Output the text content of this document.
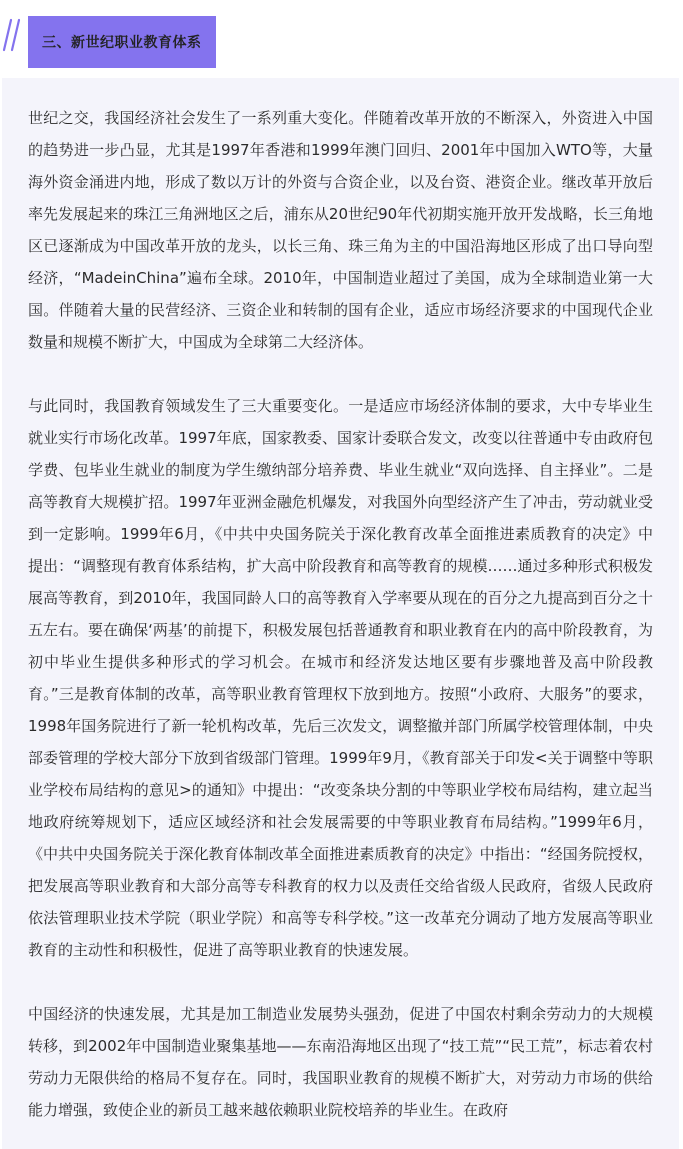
三、新世纪职业教育体系

世纪之交，我国经济社会发生了一系列重大变化。伴随着改革开放的不断深入，外资进入中国的趋势进一步凸显，尤其是1997年香港和1999年澳门回归、2001年中国加入WTO等，大量海外资金涌进内地，形成了数以万计的外资与合资企业，以及台资、港资企业。继改革开放后率先发展起来的珠江三角洲地区之后，浦东从20世纪90年代初期实施开放开发战略，长三角地区已逐渐成为中国改革开放的龙头，以长三角、珠三角为主的中国沿海地区形成了出口导向型经济，“MadeinChina”遍布全球。2010年，中国制造业超过了美国，成为全球制造业第一大国。伴随着大量的民营经济、三资企业和转制的国有企业，适应市场经济要求的中国现代企业数量和规模不断扩大，中国成为全球第二大经济体。

与此同时，我国教育领域发生了三大重要变化。一是适应市场经济体制的要求，大中专毕业生就业实行市场化改革。1997年底，国家教委、国家计委联合发文，改变以往普通中专由政府包学费、包毕业生就业的制度为学生缴纳部分培养费、毕业生就业“双向选择、自主择业”。二是高等教育大规模扩招。1997年亚洲金融危机爆发，对我国外向型经济产生了冲击，劳动就业受到一定影响。1999年6月，《中共中央国务院关于深化教育改革全面推进素质教育的决定》中提出：“调整现有教育体系结构，扩大高中阶段教育和高等教育的规模……通过多种形式积极发展高等教育，到2010年，我国同龄人口的高等教育入学率要从现在的百分之九提高到百分之十五左右。要在确保‘两基’的前提下，积极发展包括普通教育和职业教育在内的高中阶段教育，为初中毕业生提供多种形式的学习机会。在城市和经济发达地区要有步骤地普及高中阶段教育。”三是教育体制的改革，高等职业教育管理权下放到地方。按照“小政府、大服务”的要求，1998年国务院进行了新一轮机构改革，先后三次发文，调整撤并部门所属学校管理体制，中央部委管理的学校大部分下放到省级部门管理。1999年9月，《教育部关于印发<关于调整中等职业学校布局结构的意见>的通知》中提出：“改变条块分割的中等职业学校布局结构，建立起当地政府统筹规划下，适应区域经济和社会发展需要的中等职业教育布局结构。”1999年6月，《中共中央国务院关于深化教育体制改革全面推进素质教育的决定》中指出：“经国务院授权，把发展高等职业教育和大部分高等专科教育的权力以及责任交给省级人民政府，省级人民政府依法管理职业技术学院（职业学院）和高等专科学校。”这一改革充分调动了地方发展高等职业教育的主动性和积极性，促进了高等职业教育的快速发展。

中国经济的快速发展，尤其是加工制造业发展势头强劲，促进了中国农村剩余劳动力的大规模转移，到2002年中国制造业聚集基地——东南沿海地区出现了“技工荒”“民工荒”，标志着农村劳动力无限供给的格局不复存在。同时，我国职业教育的规模不断扩大，对劳动力市场的供给能力增强，致使企业的新员工越来越依赖职业院校培养的毕业生。在政府
